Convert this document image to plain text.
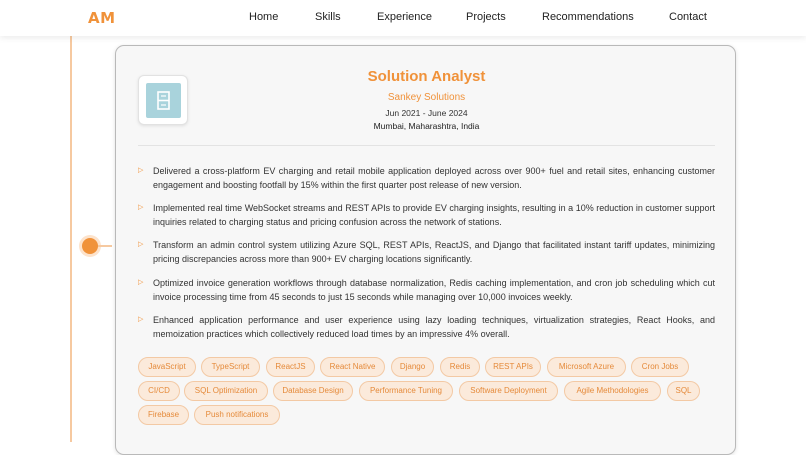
AM	Home	Skills	Experience	Projects	Recommendations	Contact
Solution Analyst
Sankey Solutions
Jun 2021 - June 2024
Mumbai, Maharashtra, India
▷ Delivered a cross-platform EV charging and retail mobile application deployed across over 900+ fuel and retail sites, enhancing customer engagement and boosting footfall by 15% within the first quarter post release of new version.
▷ Implemented real time WebSocket streams and REST APIs to provide EV charging insights, resulting in a 10% reduction in customer support inquiries related to charging status and pricing confusion across the network of stations.
▷ Transform an admin control system utilizing Azure SQL, REST APIs, ReactJS, and Django that facilitated instant tariff updates, minimizing pricing discrepancies across more than 900+ EV charging locations significantly.
▷ Optimized invoice generation workflows through database normalization, Redis caching implementation, and cron job scheduling which cut invoice processing time from 45 seconds to just 15 seconds while managing over 10,000 invoices weekly.
▷ Enhanced application performance and user experience using lazy loading techniques, virtualization strategies, React Hooks, and memoization practices which collectively reduced load times by an impressive 4% overall.
JavaScript	TypeScript	ReactJS	React Native	Django	Redis	REST APIs	Microsoft Azure	Cron Jobs
CI/CD	SQL Optimization	Database Design	Performance Tuning	Software Deployment	Agile Methodologies	SQL
Firebase	Push notifications
